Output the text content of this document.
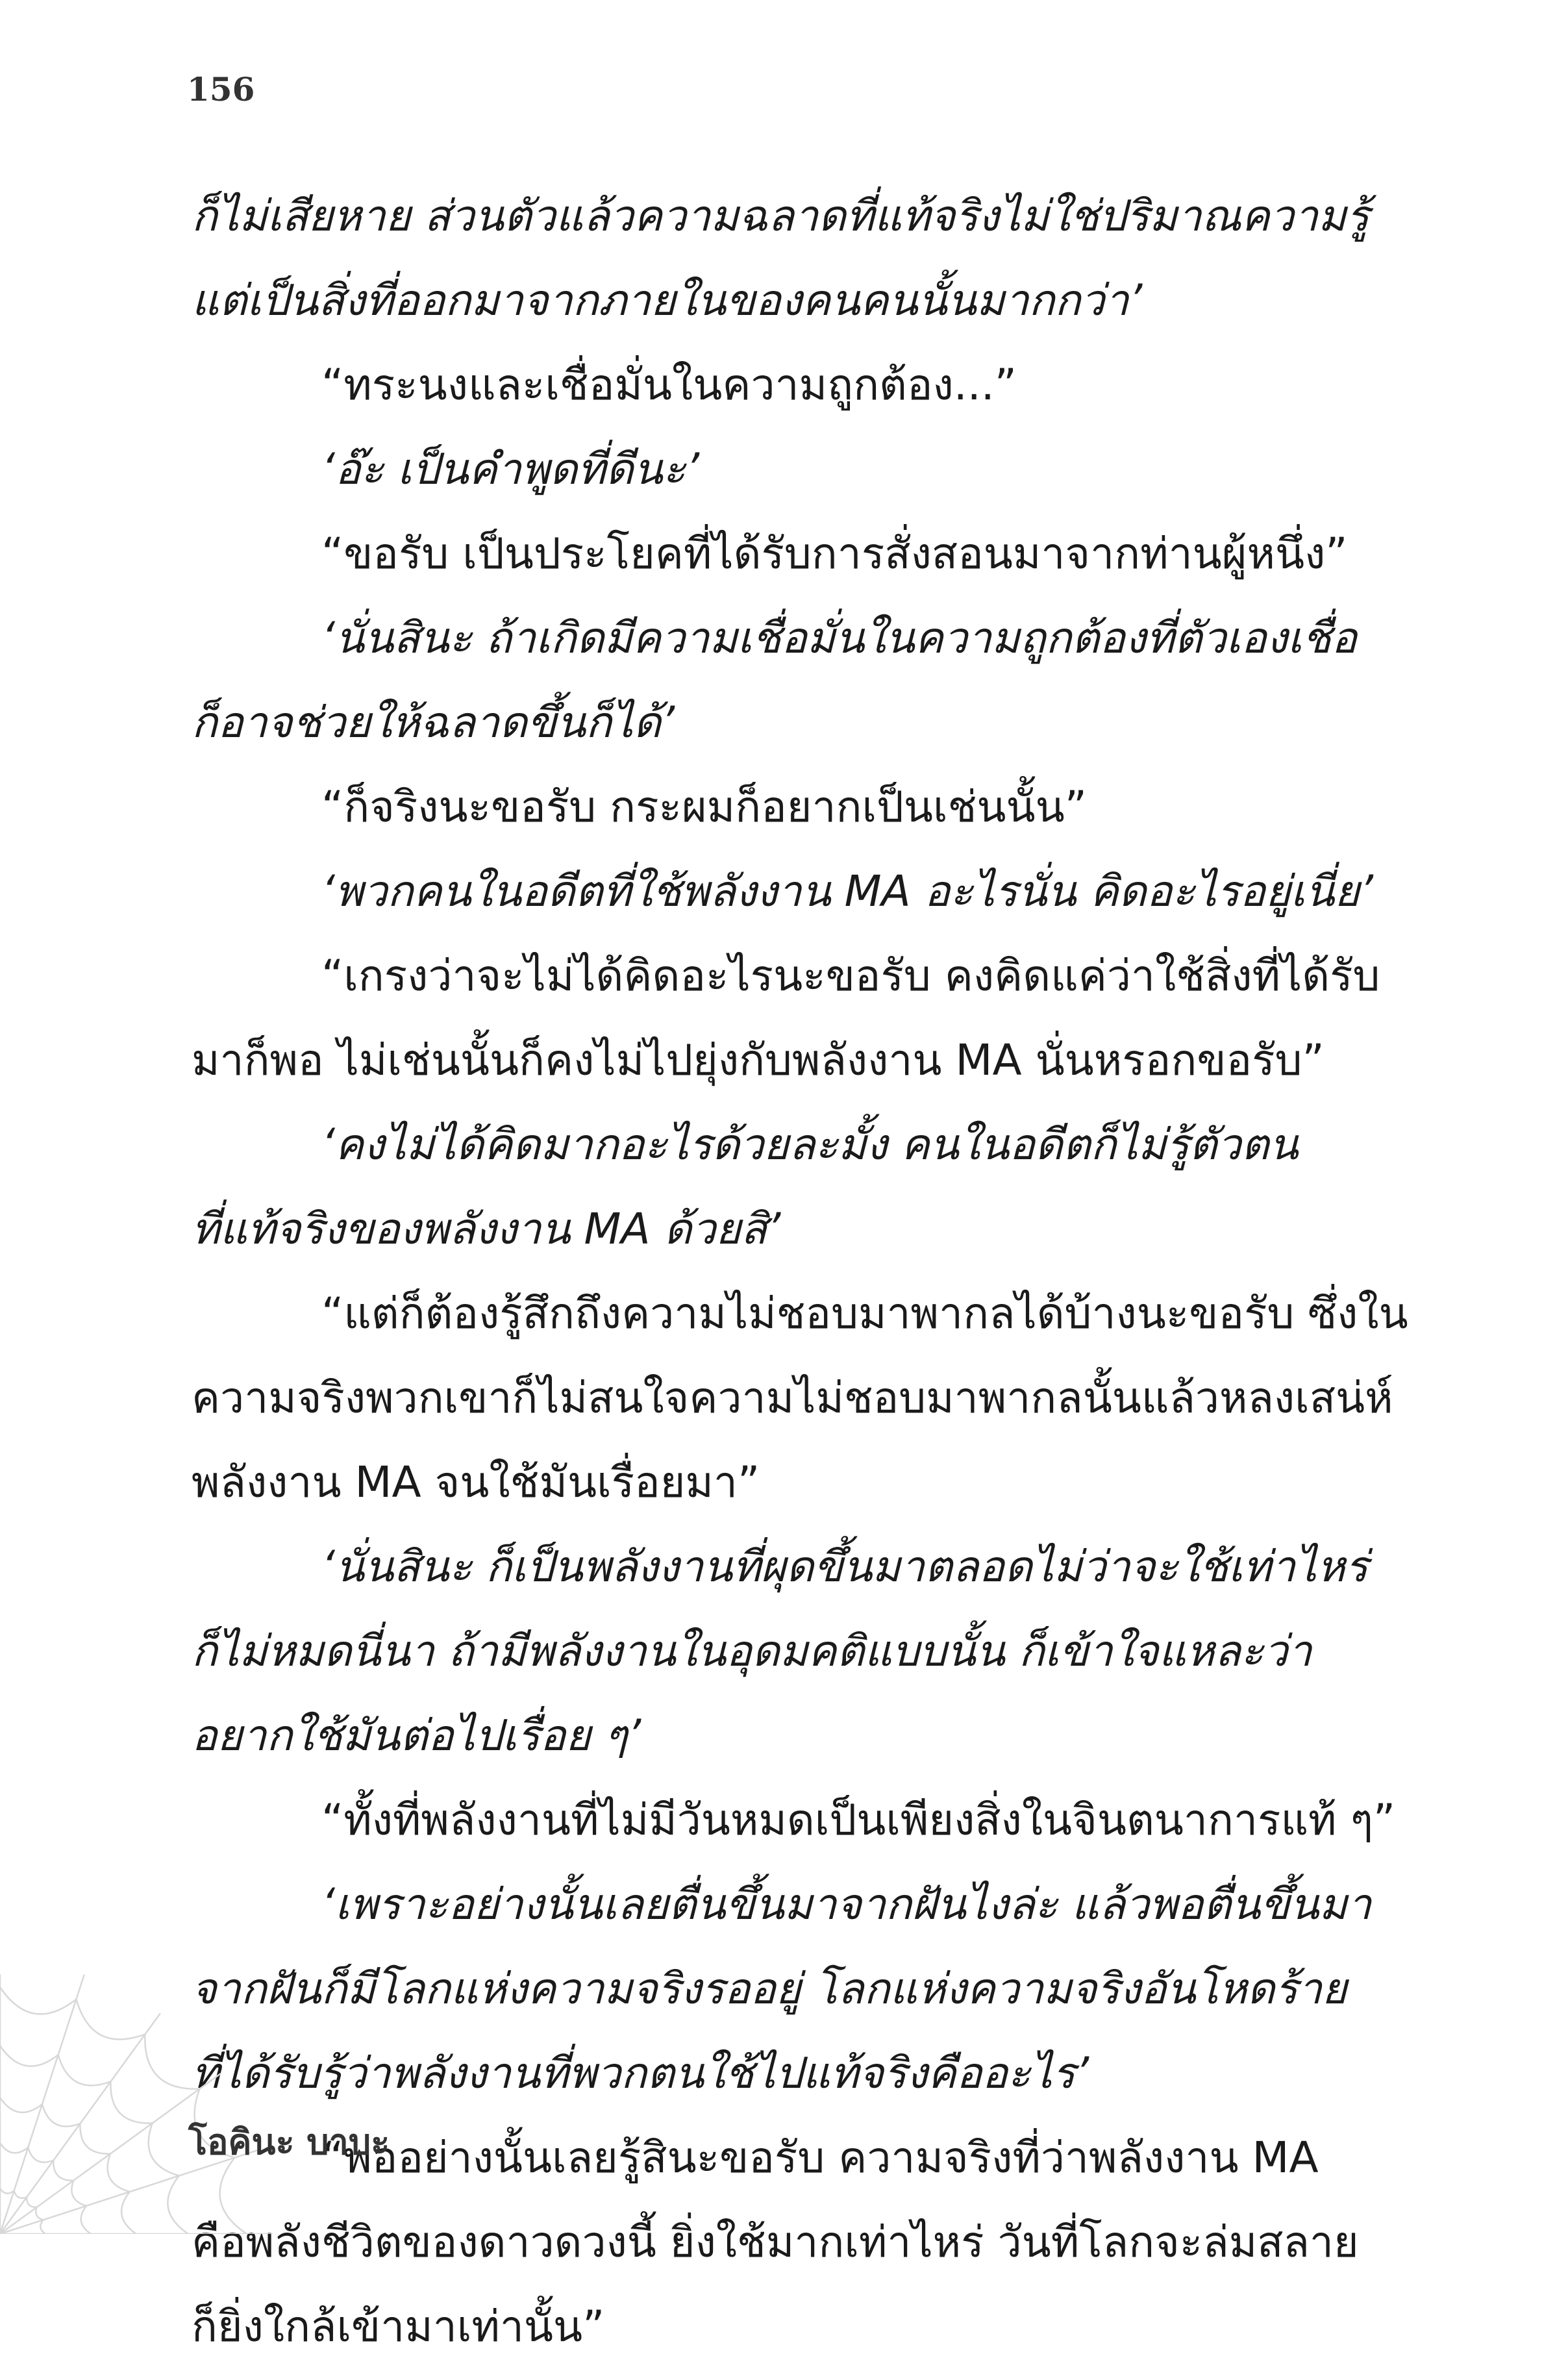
156
ก็ไม่เสียหาย ส่วนตัวแล้วความฉลาดที่แท้จริงไม่ใช่ปริมาณความรู้
แต่เป็นสิ่งที่ออกมาจากภายในของคนคนนั้นมากกว่า’
“ทระนงและเชื่อมั่นในความถูกต้อง...”
‘อ๊ะ เป็นคำพูดที่ดีนะ’
“ขอรับ เป็นประโยคที่ได้รับการสั่งสอนมาจากท่านผู้หนึ่ง”
‘นั่นสินะ ถ้าเกิดมีความเชื่อมั่นในความถูกต้องที่ตัวเองเชื่อ
ก็อาจช่วยให้ฉลาดขึ้นก็ได้’
“ก็จริงนะขอรับ กระผมก็อยากเป็นเช่นนั้น”
‘พวกคนในอดีตที่ใช้พลังงาน MA อะไรนั่น คิดอะไรอยู่เนี่ย’
“เกรงว่าจะไม่ได้คิดอะไรนะขอรับ คงคิดแค่ว่าใช้สิ่งที่ได้รับ
มาก็พอ ไม่เช่นนั้นก็คงไม่ไปยุ่งกับพลังงาน MA นั่นหรอกขอรับ”
‘คงไม่ได้คิดมากอะไรด้วยละมั้ง คนในอดีตก็ไม่รู้ตัวตน
ที่แท้จริงของพลังงาน MA ด้วยสิ’
“แต่ก็ต้องรู้สึกถึงความไม่ชอบมาพากลได้บ้างนะขอรับ ซึ่งใน
ความจริงพวกเขาก็ไม่สนใจความไม่ชอบมาพากลนั้นแล้วหลงเสน่ห์
พลังงาน MA จนใช้มันเรื่อยมา”
‘นั่นสินะ ก็เป็นพลังงานที่ผุดขึ้นมาตลอดไม่ว่าจะใช้เท่าไหร่
ก็ไม่หมดนี่นา ถ้ามีพลังงานในอุดมคติแบบนั้น ก็เข้าใจแหละว่า
อยากใช้มันต่อไปเรื่อย ๆ’
“ทั้งที่พลังงานที่ไม่มีวันหมดเป็นเพียงสิ่งในจินตนาการแท้ ๆ”
‘เพราะอย่างนั้นเลยตื่นขึ้นมาจากฝันไงล่ะ แล้วพอตื่นขึ้นมา
จากฝันก็มีโลกแห่งความจริงรออยู่ โลกแห่งความจริงอันโหดร้าย
ที่ได้รับรู้ว่าพลังงานที่พวกตนใช้ไปแท้จริงคืออะไร’
“พออย่างนั้นเลยรู้สินะขอรับ ความจริงที่ว่าพลังงาน MA
คือพลังชีวิตของดาวดวงนี้ ยิ่งใช้มากเท่าไหร่ วันที่โลกจะล่มสลาย
ก็ยิ่งใกล้เข้ามาเท่านั้น”
โอคินะ บาบะ
